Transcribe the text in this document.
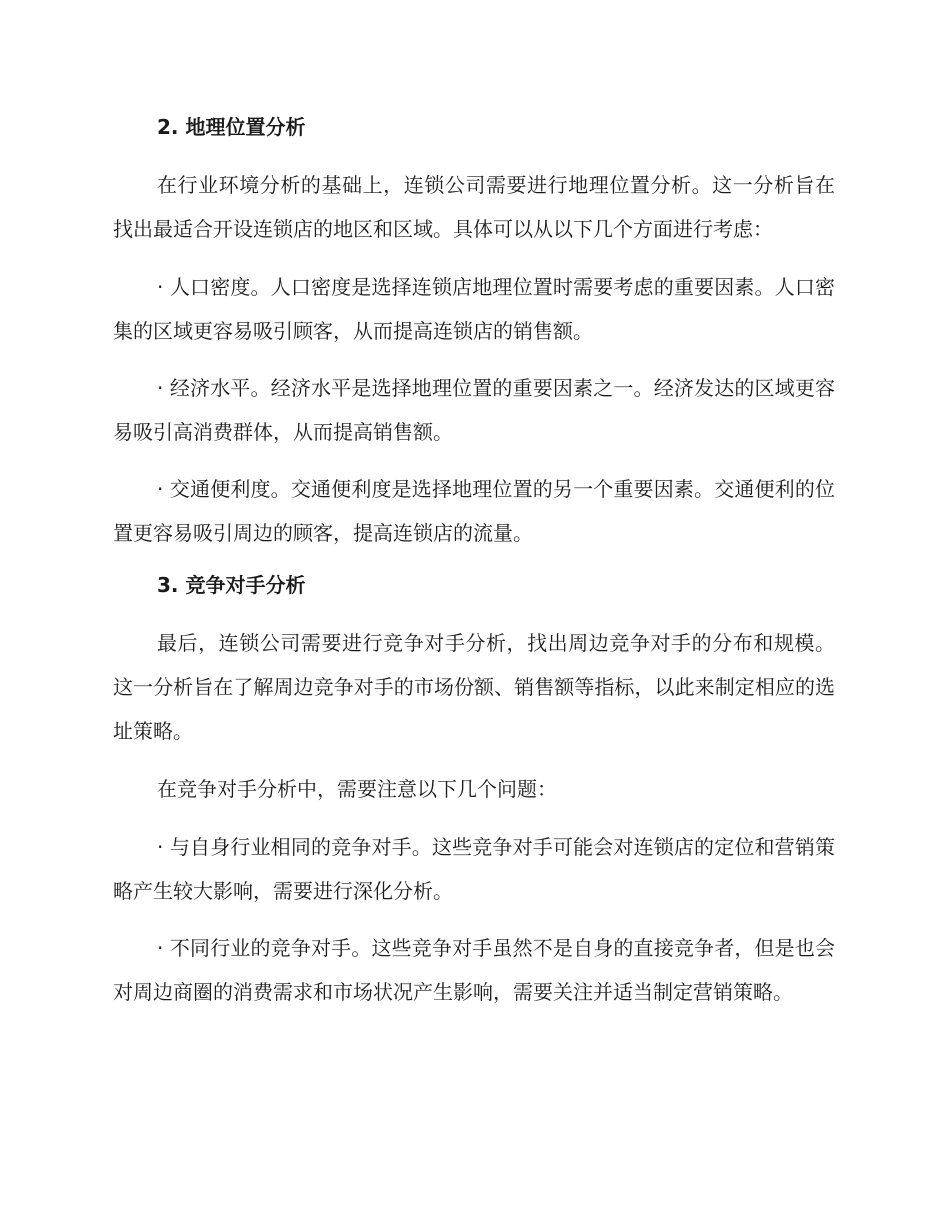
2. 地理位置分析

在行业环境分析的基础上，连锁公司需要进行地理位置分析。这一分析旨在找出最适合开设连锁店的地区和区域。具体可以从以下几个方面进行考虑：

· 人口密度。人口密度是选择连锁店地理位置时需要考虑的重要因素。人口密集的区域更容易吸引顾客，从而提高连锁店的销售额。

· 经济水平。经济水平是选择地理位置的重要因素之一。经济发达的区域更容易吸引高消费群体，从而提高销售额。

· 交通便利度。交通便利度是选择地理位置的另一个重要因素。交通便利的位置更容易吸引周边的顾客，提高连锁店的流量。

3. 竞争对手分析

最后，连锁公司需要进行竞争对手分析，找出周边竞争对手的分布和规模。这一分析旨在了解周边竞争对手的市场份额、销售额等指标，以此来制定相应的选址策略。

在竞争对手分析中，需要注意以下几个问题：

· 与自身行业相同的竞争对手。这些竞争对手可能会对连锁店的定位和营销策略产生较大影响，需要进行深化分析。

· 不同行业的竞争对手。这些竞争对手虽然不是自身的直接竞争者，但是也会对周边商圈的消费需求和市场状况产生影响，需要关注并适当制定营销策略。
